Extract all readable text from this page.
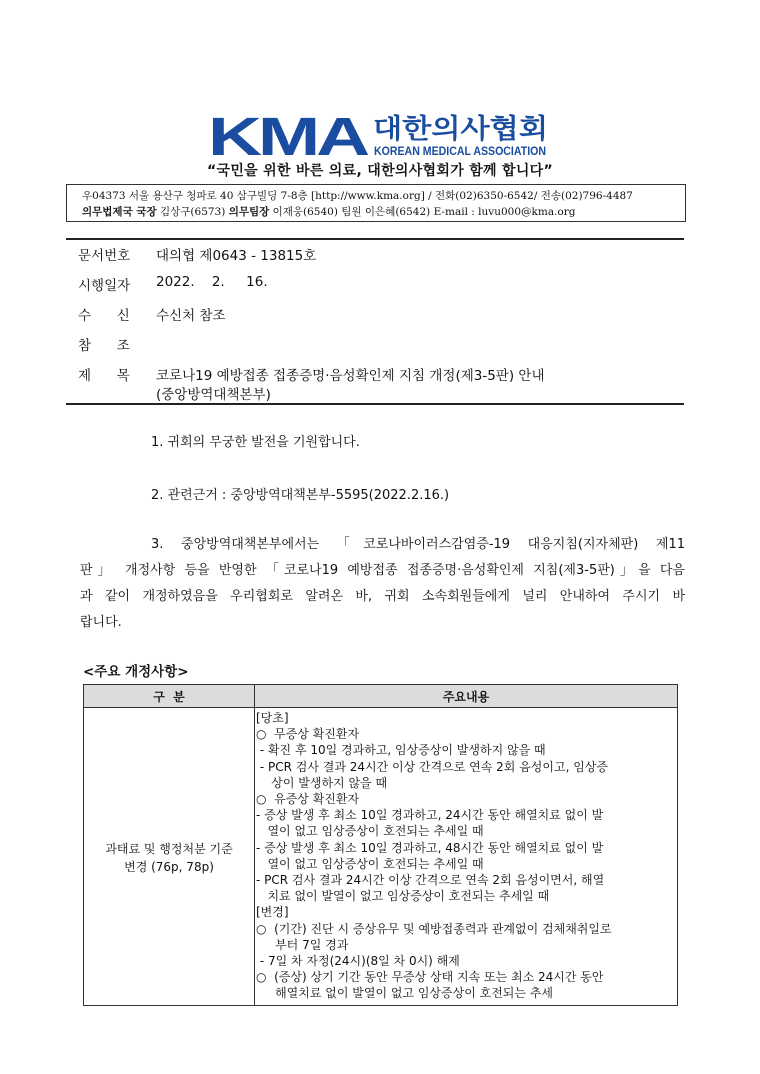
KMA 대한의사협회
KOREAN MEDICAL ASSOCIATION
“국민을 위한 바른 의료, 대한의사협회가 함께 합니다”
우04373 서울 용산구 청파로 40 삼구빌딩 7-8층 [http://www.kma.org] / 전화(02)6350-6542/ 전송(02)796-4487
의무법제국 국장 김상구(6573) 의무팀장 이재웅(6540) 팀원 이은혜(6542) E-mail : luvu000@kma.org
문서번호 대의협 제0643 - 13815호
시행일자 2022.    2.     16.
수      신 수신처 참조
참      조
제      목 코로나19 예방접종 접종증명·음성확인제 지침 개정(제3-5판) 안내
(중앙방역대책본부)
1. 귀회의 무궁한 발전을 기원합니다.
2. 관련근거 : 중앙방역대책본부-5595(2022.2.16.)
3. 중앙방역대책본부에서는 「코로나바이러스감염증-19 대응지침(지자체판) 제11
판」 개정사항 등을 반영한 「코로나19 예방접종 접종증명·음성확인제 지침(제3-5판)」을 다음
과 같이 개정하였음을 우리협회로 알려온 바, 귀회 소속회원들에게 널리 안내하여 주시기 바
랍니다.
<주요 개정사항>
구  분	주요내용
과태료 및 행정처분 기준
변경 (76p, 78p)
[당초]
○  무증상 확진환자
- 확진 후 10일 경과하고, 임상증상이 발생하지 않을 때
- PCR 검사 결과 24시간 이상 간격으로 연속 2회 음성이고, 임상증
상이 발생하지 않을 때
○  유증상 확진환자
- 증상 발생 후 최소 10일 경과하고, 24시간 동안 해열치료 없이 발
열이 없고 임상증상이 호전되는 추세일 때
- 증상 발생 후 최소 10일 경과하고, 48시간 동안 해열치료 없이 발
열이 없고 임상증상이 호전되는 추세일 때
- PCR 검사 결과 24시간 이상 간격으로 연속 2회 음성이면서, 해열
치료 없이 발열이 없고 임상증상이 호전되는 추세일 때
[변경]
○  (기간) 진단 시 증상유무 및 예방접종력과 관계없이 검체채취일로
부터 7일 경과
- 7일 차 자정(24시)(8일 차 0시) 해제
○  (증상) 상기 기간 동안 무증상 상태 지속 또는 최소 24시간 동안
해열치료 없이 발열이 없고 임상증상이 호전되는 추세
